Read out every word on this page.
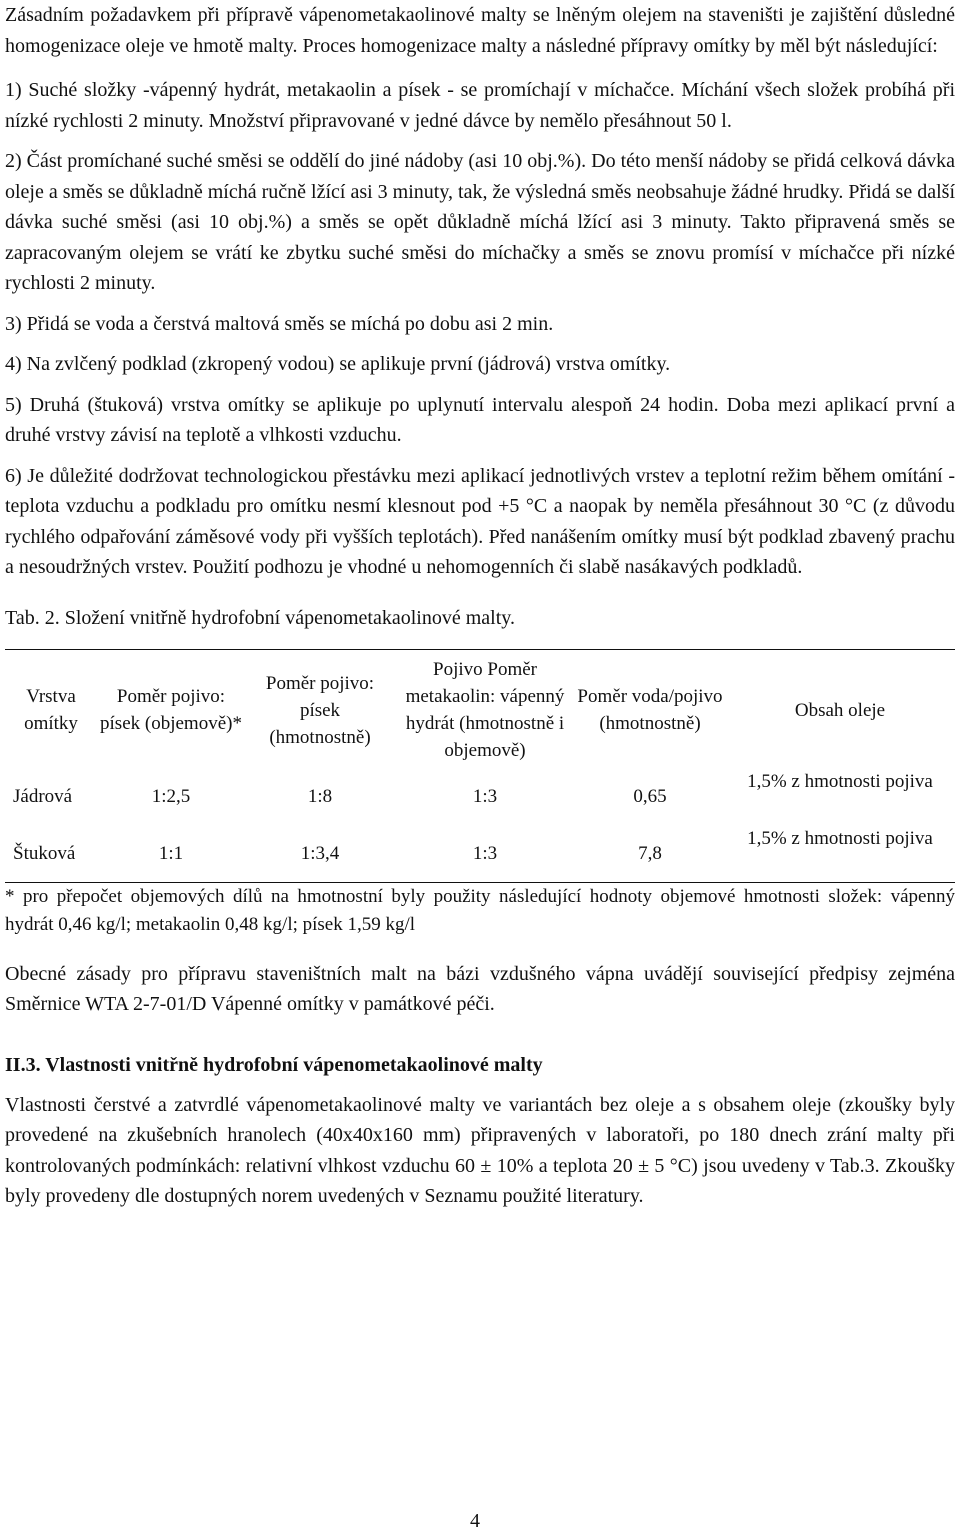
Zásadním požadavkem při přípravě vápenometakaolinové malty se lněným olejem na staveništi je zajištění důsledné homogenizace oleje ve hmotě malty. Proces homogenizace malty a následné přípravy omítky by měl být následující:

1) Suché složky -vápenný hydrát, metakaolin a písek - se promíchají v míchačce. Míchání všech složek probíhá při nízké rychlosti 2 minuty. Množství připravované v jedné dávce by nemělo přesáhnout 50 l.

2) Část promíchané suché směsi se oddělí do jiné nádoby (asi 10 obj.%). Do této menší nádoby se přidá celková dávka oleje a směs se důkladně míchá ručně lžící asi 3 minuty, tak, že výsledná směs neobsahuje žádné hrudky. Přidá se další dávka suché směsi (asi 10 obj.%) a směs se opět důkladně míchá lžící asi 3 minuty. Takto připravená směs se zapracovaným olejem se vrátí ke zbytku suché směsi do míchačky a směs se znovu promísí v míchačce při nízké rychlosti 2 minuty.

3) Přidá se voda a čerstvá maltová směs se míchá po dobu asi 2 min.

4) Na zvlčený podklad (zkropený vodou) se aplikuje první (jádrová) vrstva omítky.

5) Druhá (štuková) vrstva omítky se aplikuje po uplynutí intervalu alespoň 24 hodin. Doba mezi aplikací první a druhé vrstvy závisí na teplotě a vlhkosti vzduchu.

6) Je důležité dodržovat technologickou přestávku mezi aplikací jednotlivých vrstev a teplotní režim během omítání - teplota vzduchu a podkladu pro omítku nesmí klesnout pod +5 °C a naopak by neměla přesáhnout 30 °C (z důvodu rychlého odpařování záměsové vody při vyšších teplotách). Před nanášením omítky musí být podklad zbavený prachu a nesoudržných vrstev. Použití podhozu je vhodné u nehomogenních či slabě nasákavých podkladů.

Tab. 2. Složení vnitřně hydrofobní vápenometakaolinové malty.

Vrstva omítky	Poměr pojivo: písek (objemově)*	Poměr pojivo: písek (hmotnostně)	Pojivo Poměr metakaolin: vápenný hydrát (hmotnostně i objemově)	Poměr voda/pojivo (hmotnostně)	Obsah oleje
Jádrová	1:2,5	1:8	1:3	0,65	1,5% z hmotnosti pojiva
Štuková	1:1	1:3,4	1:3	7,8	1,5% z hmotnosti pojiva

* pro přepočet objemových dílů na hmotnostní byly použity následující hodnoty objemové hmotnosti složek: vápenný hydrát 0,46 kg/l; metakaolin 0,48 kg/l; písek 1,59 kg/l

Obecné zásady pro přípravu staveništních malt na bázi vzdušného vápna uvádějí související předpisy zejména Směrnice WTA 2-7-01/D Vápenné omítky v památkové péči.

II.3. Vlastnosti vnitřně hydrofobní vápenometakaolinové malty

Vlastnosti čerstvé a zatvrdlé vápenometakaolinové malty ve variantách bez oleje a s obsahem oleje (zkoušky byly provedené na zkušebních hranolech (40x40x160 mm) připravených v laboratoři, po 180 dnech zrání malty při kontrolovaných podmínkách: relativní vlhkost vzduchu 60 ± 10% a teplota 20 ± 5 °C) jsou uvedeny v Tab.3. Zkoušky byly provedeny dle dostupných norem uvedených v Seznamu použité literatury.

4
